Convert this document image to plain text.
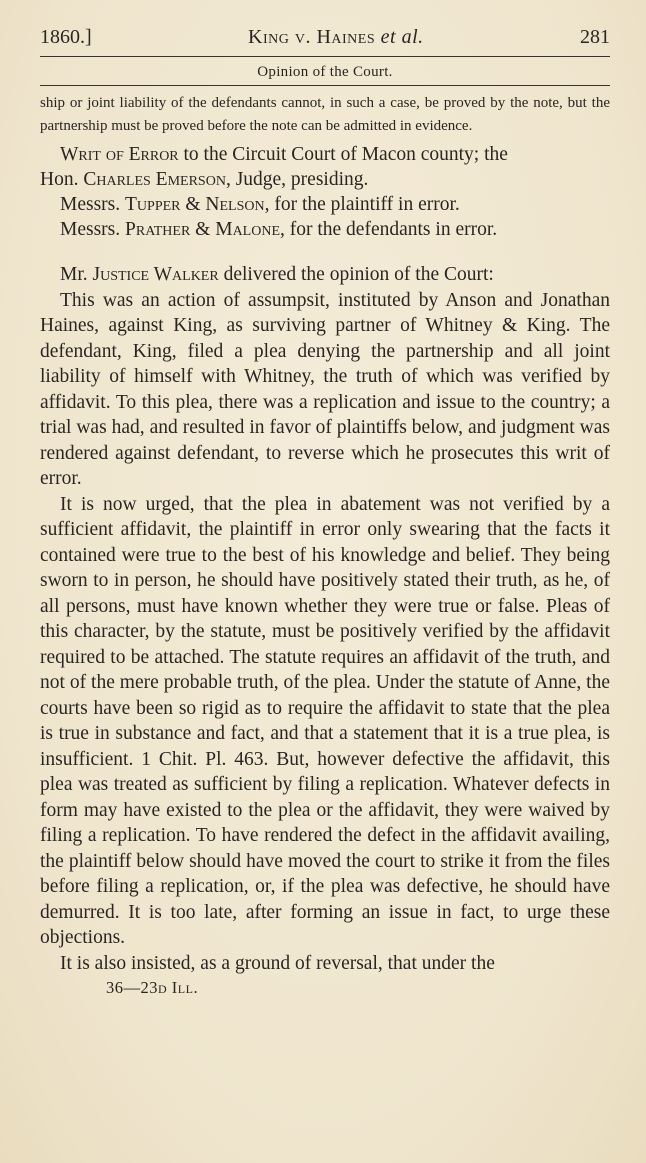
1860.]	King v. Haines et al.	281
Opinion of the Court.

ship or joint liability of the defendants cannot, in such a case, be proved by the note, but the partnership must be proved before the note can be admitted in evidence.

Writ of Error to the Circuit Court of Macon county; the

Hon. Charles Emerson, Judge, presiding.

Messrs. Tupper & Nelson, for the plaintiff in error.

Messrs. Prather & Malone, for the defendants in error.

Mr. Justice Walker delivered the opinion of the Court:

This was an action of assumpsit, instituted by Anson and Jonathan Haines, against King, as surviving partner of Whitney & King. The defendant, King, filed a plea denying the partnership and all joint liability of himself with Whitney, the truth of which was verified by affidavit. To this plea, there was a replication and issue to the country; a trial was had, and resulted in favor of plaintiffs below, and judgment was rendered against defendant, to reverse which he prosecutes this writ of error.

It is now urged, that the plea in abatement was not verified by a sufficient affidavit, the plaintiff in error only swearing that the facts it contained were true to the best of his knowledge and belief. They being sworn to in person, he should have positively stated their truth, as he, of all persons, must have known whether they were true or false. Pleas of this character, by the statute, must be positively verified by the affidavit required to be attached. The statute requires an affidavit of the truth, and not of the mere probable truth, of the plea. Under the statute of Anne, the courts have been so rigid as to require the affidavit to state that the plea is true in substance and fact, and that a statement that it is a true plea, is insufficient. 1 Chit. Pl. 463. But, however defective the affidavit, this plea was treated as sufficient by filing a replication. Whatever defects in form may have existed to the plea or the affidavit, they were waived by filing a replication. To have rendered the defect in the affidavit availing, the plaintiff below should have moved the court to strike it from the files before filing a replication, or, if the plea was defective, he should have demurred. It is too late, after forming an issue in fact, to urge these objections.

It is also insisted, as a ground of reversal, that under the

36—23d Ill.
